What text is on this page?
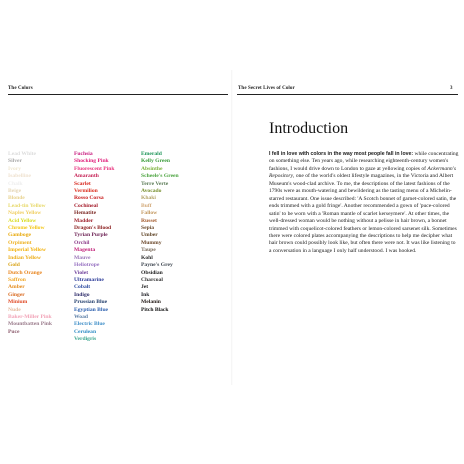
The Colors	The Secret Lives of Color	3
Lead White
Silver
Ivory
Isabelline
Chalk
Beige
Blonde
Lead-tin Yellow
Naples Yellow
Acid Yellow
Chrome Yellow
Gamboge
Orpiment
Imperial Yellow
Indian Yellow
Gold
Dutch Orange
Saffron
Amber
Ginger
Minium
Nude
Baker-Miller Pink
Mountbatten Pink
Puce
Fuchsia
Shocking Pink
Fluorescent Pink
Amaranth
Scarlet
Vermilion
Rosso Corsa
Cochineal
Hematite
Madder
Dragon's Blood
Tyrian Purple
Orchil
Magenta
Mauve
Heliotrope
Violet
Ultramarine
Cobalt
Indigo
Prussian Blue
Egyptian Blue
Woad
Electric Blue
Cerulean
Verdigris
Emerald
Kelly Green
Absinthe
Scheele's Green
Terre Verte
Avocado
Khaki
Buff
Fallow
Russet
Sepia
Umber
Mummy
Taupe
Kohl
Payne's Grey
Obsidian
Charcoal
Jet
Ink
Melanin
Pitch Black
Introduction
I fell in love with colors in the way most people fall in love: while concentrating on something else. Ten years ago, while researching eighteenth-century women's fashions, I would drive down to London to gaze at yellowing copies of Ackermann's Repository, one of the world's oldest lifestyle magazines, in the Victoria and Albert Museum's wood-clad archive. To me, the descriptions of the latest fashions of the 1790s were as mouth-watering and bewildering as the tasting menu of a Michelin-starred restaurant. One issue described: 'A Scotch bonnet of garnet-colored satin, the ends trimmed with a gold fringe'. Another recommended a gown of 'puce-colored satin' to be worn with a 'Roman mantle of scarlet kerseymere'. At other times, the well-dressed woman would be nothing without a pelisse in hair brown, a bonnet trimmed with coquelicot-colored feathers or lemon-colored sarsenet silk. Sometimes there were colored plates accompanying the descriptions to help me decipher what hair brown could possibly look like, but often there were not. It was like listening to a conversation in a language I only half understood. I was hooked.
